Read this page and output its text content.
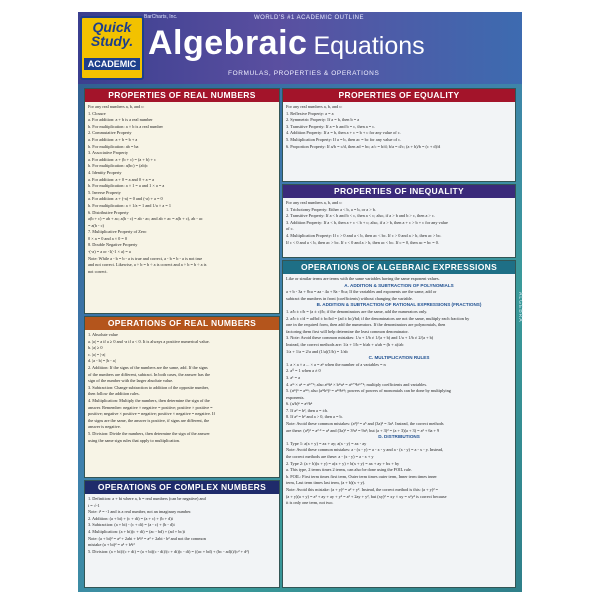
Quick
Study.
ACADEMIC
BarCharts, Inc.	WORLD'S #1 ACADEMIC OUTLINE
Algebraic Equations
FORMULAS, PROPERTIES & OPERATIONS
PROPERTIES OF REAL NUMBERS
For any real numbers a, b, and c:
1. Closure
a. For addition: a + b is a real number
b. For multiplication: a × b is a real number
2. Commutative Property
a. For addition: a + b = b + a
b. For multiplication: ab = ba
3. Associative Property
a. For addition: a + (b + c) = (a + b) + c
b. For multiplication: a(bc) = (ab)c
4. Identity Property
a. For addition: a + 0 = a and 0 + a = a
b. For multiplication: a × 1 = a and 1 × a = a
5. Inverse Property
a. For addition: a + (-a) = 0 and (-a) + a = 0
b. For multiplication: a × 1/a = 1 and 1/a × a = 1
6. Distributive Property
a(b + c) = ab + ac; a(b - c) = ab - ac; and ab + ac = a(b + c), ab - ac
= a(b - c)
7. Multiplicative Property of Zero
0 × a = 0 and a × 0 = 0
8. Double Negative Property
-(-a) = a or -1(-1 × a) = a
Note: While a - b = b - a is true and correct, a - b = b - a is not true
and not correct. Likewise, a ÷ b = b ÷ a is correct and a ÷ b = b ÷ a is
not correct.
OPERATIONS OF REAL NUMBERS
1. Absolute value
a. |a| = a if a ≥ 0 and -a if a < 0. It is always a positive numerical value.
b. |a| ≥ 0
c. |a| = |-a|
d. |a - b| = |b - a|
2. Addition: If the signs of the numbers are the same, add. If the signs
of the numbers are different, subtract. In both cases, the answer has the
sign of the number with the larger absolute value.
3. Subtraction: Change subtraction to addition of the opposite number,
then follow the addition rules.
4. Multiplication: Multiply the numbers, then determine the sign of the
answer. Remember: negative × negative = positive; positive × positive =
positive; negative × positive = negative; positive × negative = negative. If
the signs are the same, the answer is positive, if signs are different, the
answer is negative.
5. Division: Divide the numbers, then determine the sign of the answer
using the same sign rules that apply to multiplication.
OPERATIONS OF COMPLEX NUMBERS
1. Definition: a + bi where a, b = real numbers (can be negative) and
i = √-1
Note: i² = -1 and is a real number, not an imaginary number.
2. Addition: (a + bi) + (c + di) = (a + c) + (b + d)i
3. Subtraction: (a + bi) - (c + di) = (a - c) + (b - d)i
4. Multiplication: (a + bi)(c + di) = (ac - bd) + (ad + bc)i
Note: (a + bi)² = a² + 2abi + b²i² = a² + 2abi - b² and not the common
mistake (a + bi)² = a² + b²i²
5. Division: (a + bi)/(c + di) = (a + bi)(c - di)/(c + di)(c - di) = ((ac + bd) + (bc - ad)i)/(c² + d²)
PROPERTIES OF EQUALITY
For any real numbers a, b, and c:
1. Reflexive Property: a = a
2. Symmetric Property: If a = b, then b = a
3. Transitive Property: If a = b and b = c, then a = c.
4. Addition Property: If a = b, then a + c = b + c for any value of c.
5. Multiplication Property: If a = b, then ac = bc for any value of c.
6. Proportion Property: If a/b = c/d, then ad = bc; a/c = b/d; b/a = d/c; (a + b)/b = (c + d)/d
PROPERTIES OF INEQUALITY
For any real numbers a, b, and c:
1. Trichotomy Property: Either a < b, a = b, or a > b.
2. Transitive Property: If a < b and b < c, then a < c; also, if a > b and b > c, then a > c.
3. Addition Property: If a < b, then a + c < b + c; also, if a > b, then a + c > b + c for any value
of c.
4. Multiplication Property: If c > 0 and a < b, then ac < bc. If c > 0 and a > b, then ac > bc.
If c < 0 and a < b, then ac > bc. If c < 0 and a > b, then ac < bc. If c = 0, then ac = bc = 0.
OPERATIONS OF ALGEBRAIC EXPRESSIONS
Like or similar terms are terms with the same variables having the same exponent values.
A. ADDITION & SUBTRACTION OF POLYNOMIALS
a + b - 3a + 8ca = aa - 4a + 8a - 8ca; If the variables and exponents are the same, add or
subtract the numbers in front (coefficients) without changing the variable.
B. ADDITION & SUBTRACTION OF RATIONAL EXPRESSIONS (FRACTIONS)
1. a/b ± c/b = (a ± c)/b; if the denominators are the same, add the numerators only.
2. a/b ± c/d = ad/bd ± bc/bd = (ad ± bc)/bd; if the denominators are not the same, multiply each fraction by
one in the required form, then add the numerators. If the denominators are polynomials, then
factoring them first will help determine the least common denominator.
3. Note: Avoid these common mistakes: 1/a + 1/b ≠ 1/(a + b) and 1/a + 1/b ≠ 2/(a + b)
Instead, the correct methods are: 1/a + 1/b = b/ab + a/ab = (b + a)/ab
1/a + 1/a = 2/a and (1/a)(1/b) = 1/ab
C. MULTIPLICATION RULES
1. a × a × a ... × a = aⁿ when the number of a variables = n
2. a⁰ = 1 when a ≠ 0
3. a¹ = a
4. aᵐ × aⁿ = aᵐ⁺ⁿ; also aᵐbⁿ × bᵐaⁿ = aᵐ⁺ⁿbᵐ⁺ⁿ; multiply coefficients and variables.
5. (aᵐ)ⁿ = aᵐⁿ; also (aᵐbⁿ)ᵖ = aᵐᵖbⁿᵖ; powers of powers of monomials can be done by multiplying
exponents.
6. (a/b)ⁿ = aⁿ/bⁿ
7. If a² = b², then a = ±b.
8. If a² = b² and a > 0, then a = b.
Note: Avoid these common mistakes: (a²)³ = a⁵ and (3a)² = 3a². Instead, the correct methods
are these: (a²)³ = a²·³ = a⁶ and (3a)² = 3²a² = 9a²; but (a + 3)² = (a + 3)(a + 3) = a² + 6a + 9
D. DISTRIBUTIONS
1. Type 1: a(x + y) = ax + ay; a(x - y) = ax - ay
Note: Avoid these common mistakes: a - (x - y) = a - x - y and a - (x - y) = a - x - y. Instead,
the correct methods are these: a - (x - y) = a - x + y
2. Type 2: (a + b)(x + y) = a(x + y) + b(x + y) = ax + ay + bx + by
a. This type, 2 terms times 2 terms, can also be done using the FOIL rule.
b. FOIL: First term times first term, Outer term times outer term, Inner term times inner
term, Last term times last term, (a + b)(x + y).
Note: Avoid this mistake: (a + y)² = a² + y². Instead, the correct method is this: (a + y)² =
(a + y)(a + y) = a² + ay + ay + y² = a² + 2ay + y², but (xy)² = xy × xy = x²y² is correct because
it is only one term, not two.
ALGEBRA
